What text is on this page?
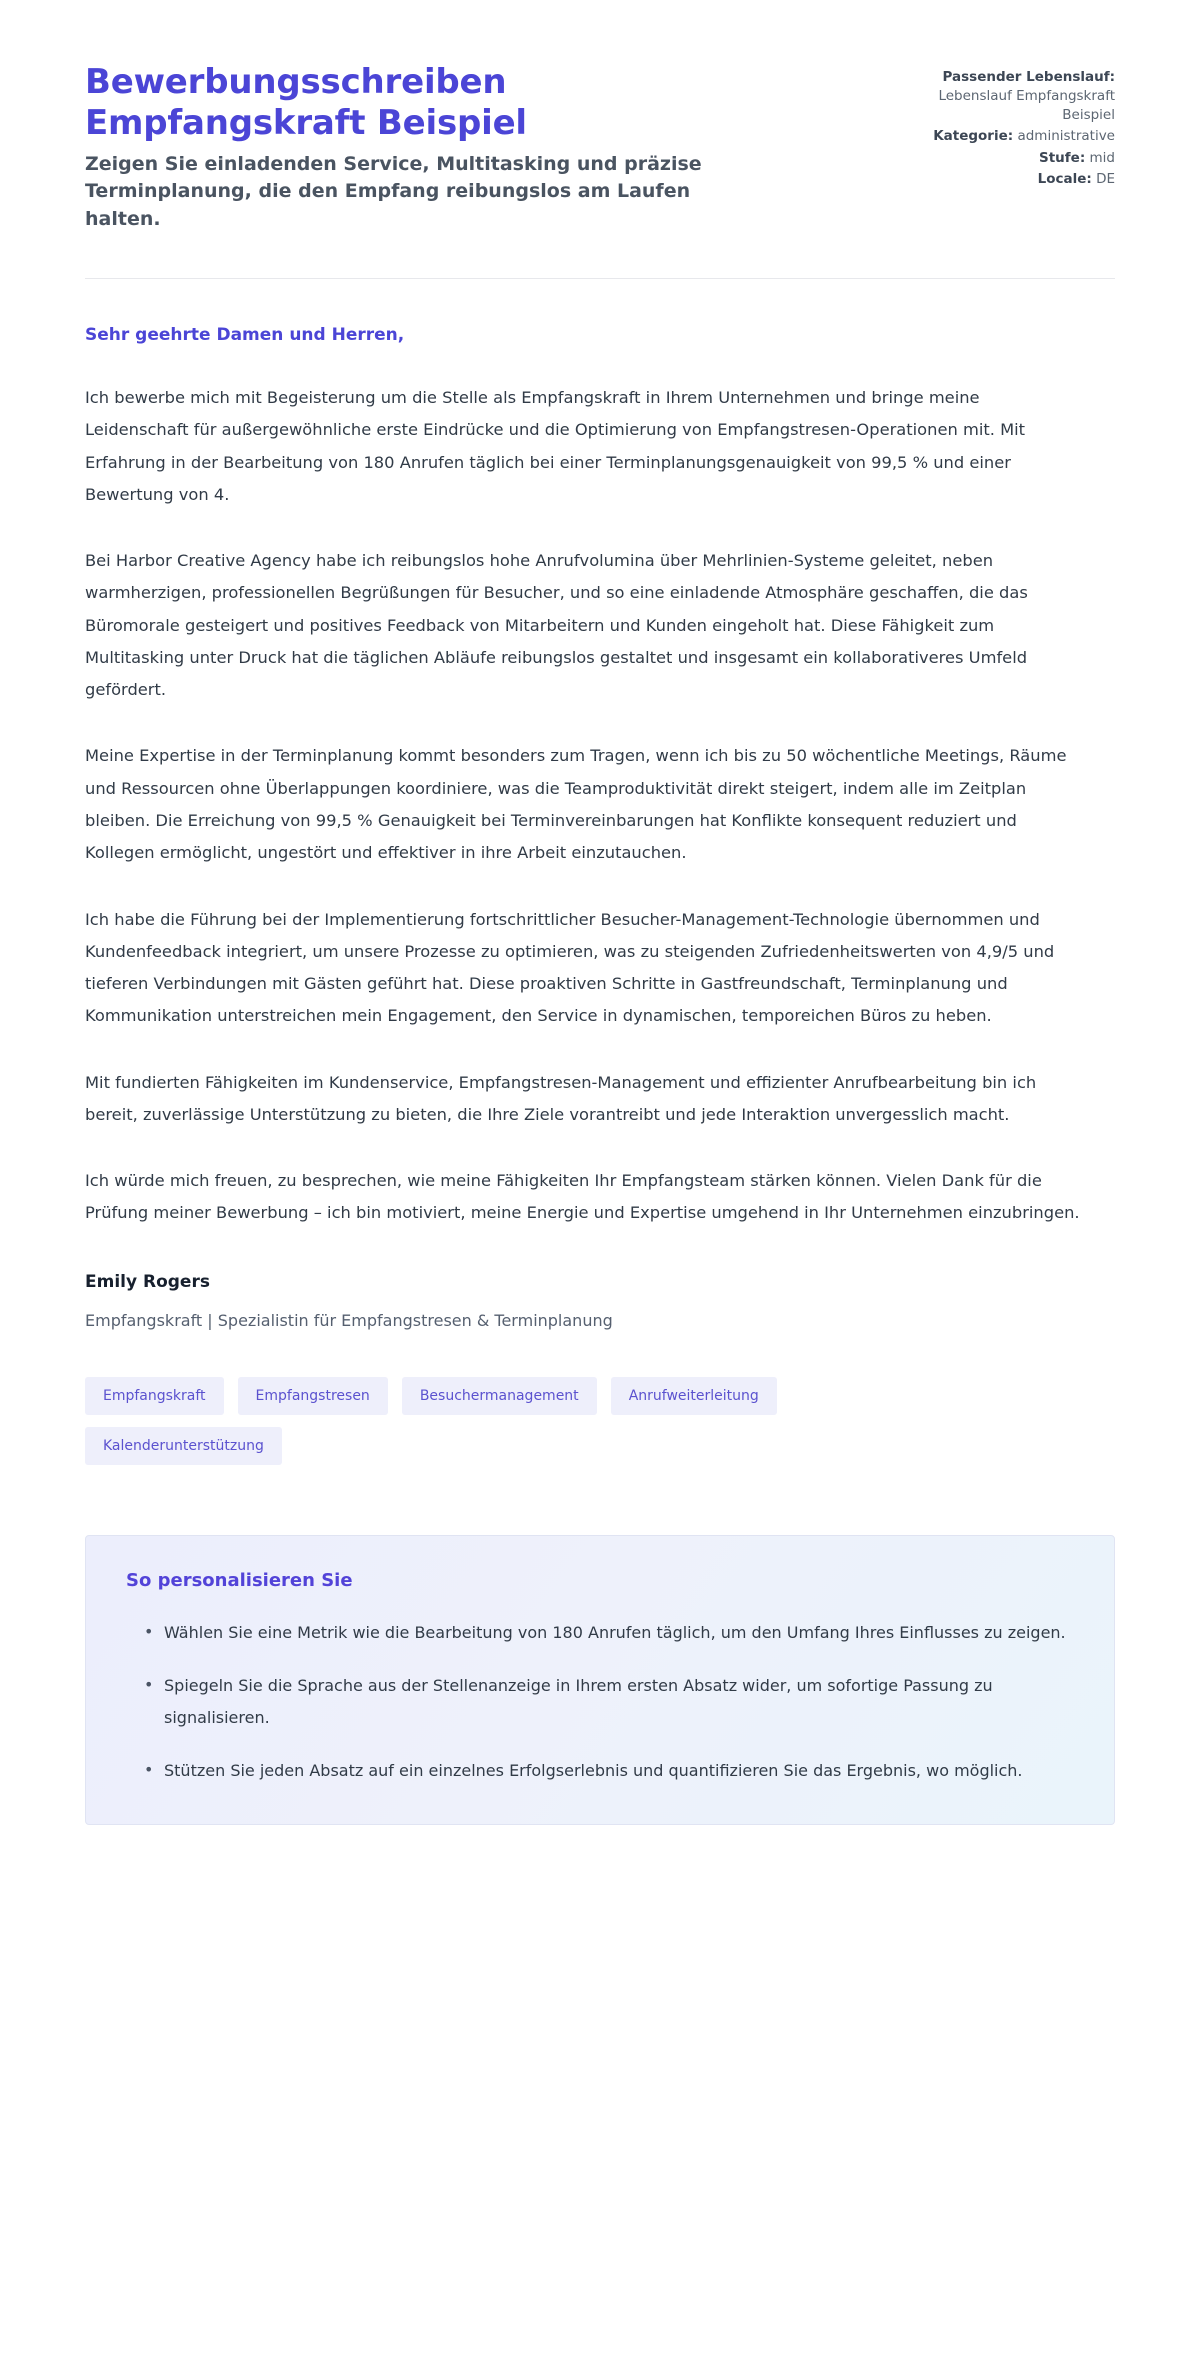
Bewerbungsschreiben
Empfangskraft Beispiel

Zeigen Sie einladenden Service, Multitasking und präzise Terminplanung, die den Empfang reibungslos am Laufen halten.

Passender Lebenslauf: Lebenslauf Empfangskraft Beispiel
Kategorie: administrative
Stufe: mid
Locale: DE

Sehr geehrte Damen und Herren,

Ich bewerbe mich mit Begeisterung um die Stelle als Empfangskraft in Ihrem Unternehmen und bringe meine Leidenschaft für außergewöhnliche erste Eindrücke und die Optimierung von Empfangstresen-Operationen mit. Mit Erfahrung in der Bearbeitung von 180 Anrufen täglich bei einer Terminplanungsgenauigkeit von 99,5 % und einer Bewertung von 4.

Bei Harbor Creative Agency habe ich reibungslos hohe Anrufvolumina über Mehrlinien-Systeme geleitet, neben warmherzigen, professionellen Begrüßungen für Besucher, und so eine einladende Atmosphäre geschaffen, die das Büromorale gesteigert und positives Feedback von Mitarbeitern und Kunden eingeholt hat. Diese Fähigkeit zum Multitasking unter Druck hat die täglichen Abläufe reibungslos gestaltet und insgesamt ein kollaborativeres Umfeld gefördert.

Meine Expertise in der Terminplanung kommt besonders zum Tragen, wenn ich bis zu 50 wöchentliche Meetings, Räume und Ressourcen ohne Überlappungen koordiniere, was die Teamproduktivität direkt steigert, indem alle im Zeitplan bleiben. Die Erreichung von 99,5 % Genauigkeit bei Terminvereinbarungen hat Konflikte konsequent reduziert und Kollegen ermöglicht, ungestört und effektiver in ihre Arbeit einzutauchen.

Ich habe die Führung bei der Implementierung fortschrittlicher Besucher-Management-Technologie übernommen und Kundenfeedback integriert, um unsere Prozesse zu optimieren, was zu steigenden Zufriedenheitswerten von 4,9/5 und tieferen Verbindungen mit Gästen geführt hat. Diese proaktiven Schritte in Gastfreundschaft, Terminplanung und Kommunikation unterstreichen mein Engagement, den Service in dynamischen, temporeichen Büros zu heben.

Mit fundierten Fähigkeiten im Kundenservice, Empfangstresen-Management und effizienter Anrufbearbeitung bin ich bereit, zuverlässige Unterstützung zu bieten, die Ihre Ziele vorantreibt und jede Interaktion unvergesslich macht.

Ich würde mich freuen, zu besprechen, wie meine Fähigkeiten Ihr Empfangsteam stärken können. Vielen Dank für die Prüfung meiner Bewerbung – ich bin motiviert, meine Energie und Expertise umgehend in Ihr Unternehmen einzubringen.

Emily Rogers

Empfangskraft | Spezialistin für Empfangstresen & Terminplanung

Empfangskraft	Empfangstresen	Besuchermanagement	Anrufweiterleitung
Kalenderunterstützung
So personalisieren Sie
• Wählen Sie eine Metrik wie die Bearbeitung von 180 Anrufen täglich, um den Umfang Ihres Einflusses zu zeigen.
• Spiegeln Sie die Sprache aus der Stellenanzeige in Ihrem ersten Absatz wider, um sofortige Passung zu signalisieren.
• Stützen Sie jeden Absatz auf ein einzelnes Erfolgserlebnis und quantifizieren Sie das Ergebnis, wo möglich.
